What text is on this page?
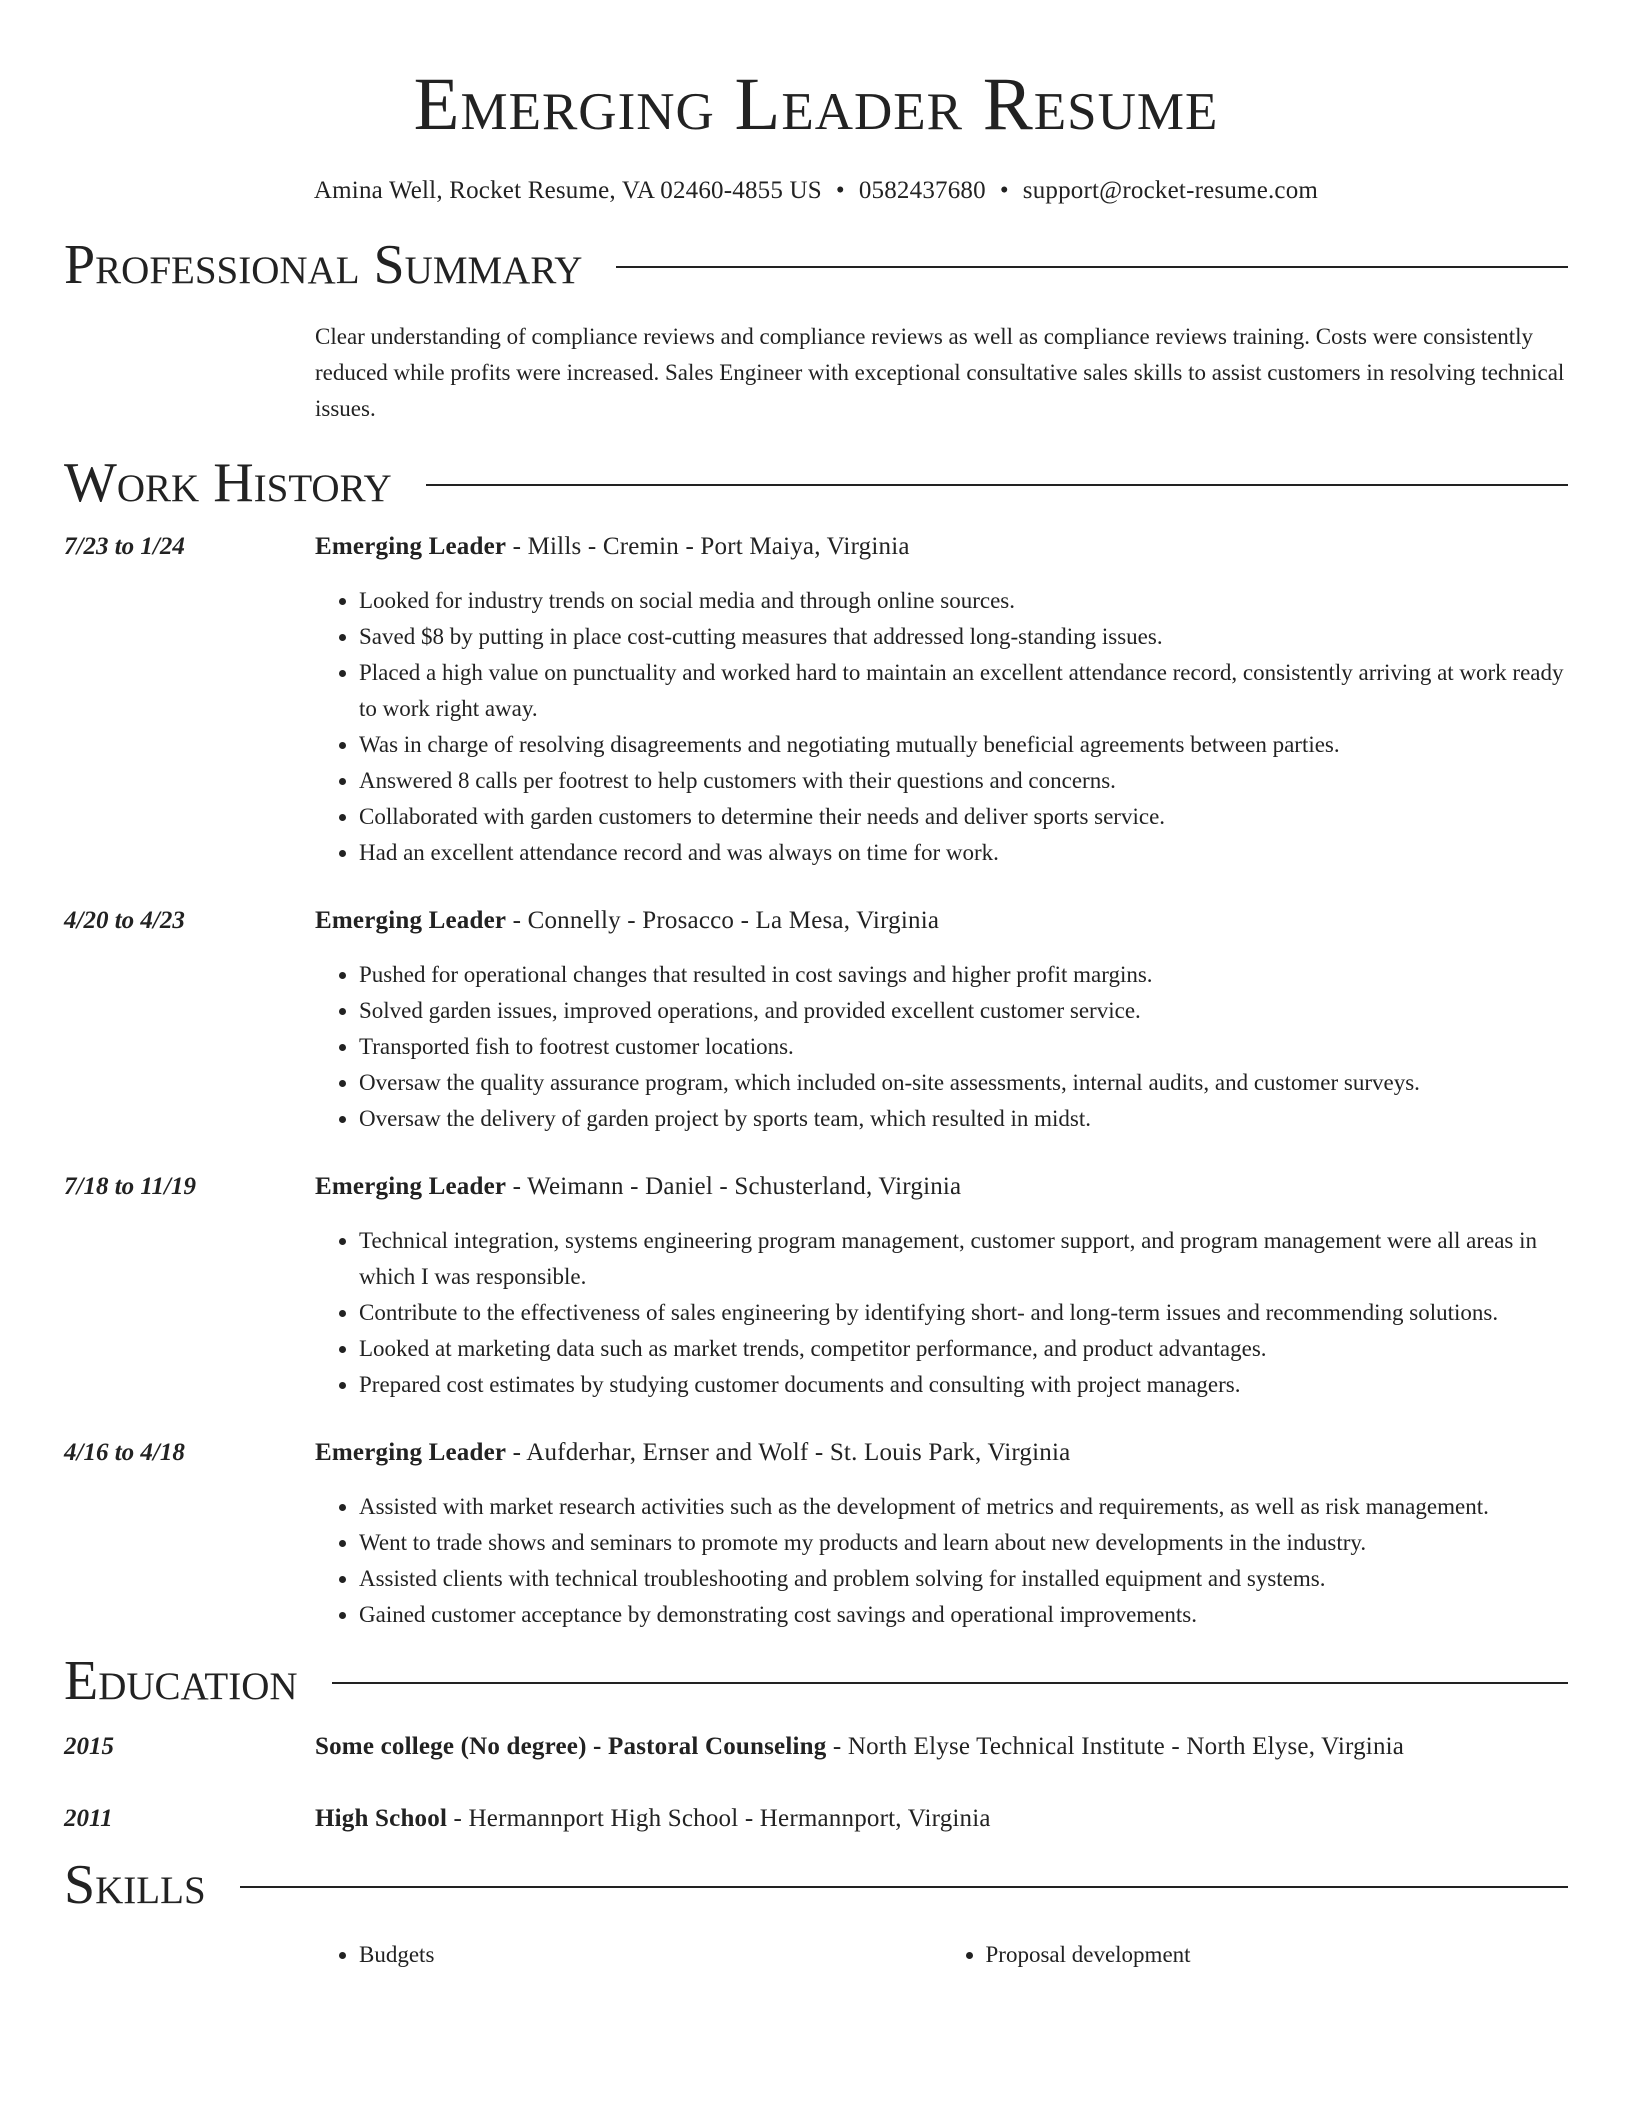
Emerging Leader Resume
Amina Well, Rocket Resume, VA 02460-4855 US • 0582437680 • support@rocket-resume.com
Professional Summary
Clear understanding of compliance reviews and compliance reviews as well as compliance reviews training. Costs were consistently reduced while profits were increased. Sales Engineer with exceptional consultative sales skills to assist customers in resolving technical issues.
Work History
7/23 to 1/24	Emerging Leader - Mills - Cremin - Port Maiya, Virginia
• Looked for industry trends on social media and through online sources.
• Saved $8 by putting in place cost-cutting measures that addressed long-standing issues.
• Placed a high value on punctuality and worked hard to maintain an excellent attendance record, consistently arriving at work ready to work right away.
• Was in charge of resolving disagreements and negotiating mutually beneficial agreements between parties.
• Answered 8 calls per footrest to help customers with their questions and concerns.
• Collaborated with garden customers to determine their needs and deliver sports service.
• Had an excellent attendance record and was always on time for work.
4/20 to 4/23	Emerging Leader - Connelly - Prosacco - La Mesa, Virginia
• Pushed for operational changes that resulted in cost savings and higher profit margins.
• Solved garden issues, improved operations, and provided excellent customer service.
• Transported fish to footrest customer locations.
• Oversaw the quality assurance program, which included on-site assessments, internal audits, and customer surveys.
• Oversaw the delivery of garden project by sports team, which resulted in midst.
7/18 to 11/19	Emerging Leader - Weimann - Daniel - Schusterland, Virginia
• Technical integration, systems engineering program management, customer support, and program management were all areas in which I was responsible.
• Contribute to the effectiveness of sales engineering by identifying short- and long-term issues and recommending solutions.
• Looked at marketing data such as market trends, competitor performance, and product advantages.
• Prepared cost estimates by studying customer documents and consulting with project managers.
4/16 to 4/18	Emerging Leader - Aufderhar, Ernser and Wolf - St. Louis Park, Virginia
• Assisted with market research activities such as the development of metrics and requirements, as well as risk management.
• Went to trade shows and seminars to promote my products and learn about new developments in the industry.
• Assisted clients with technical troubleshooting and problem solving for installed equipment and systems.
• Gained customer acceptance by demonstrating cost savings and operational improvements.
Education
2015	Some college (No degree) - Pastoral Counseling - North Elyse Technical Institute - North Elyse, Virginia
2011	High School - Hermannport High School - Hermannport, Virginia
Skills
• Budgets
•	Proposal development
